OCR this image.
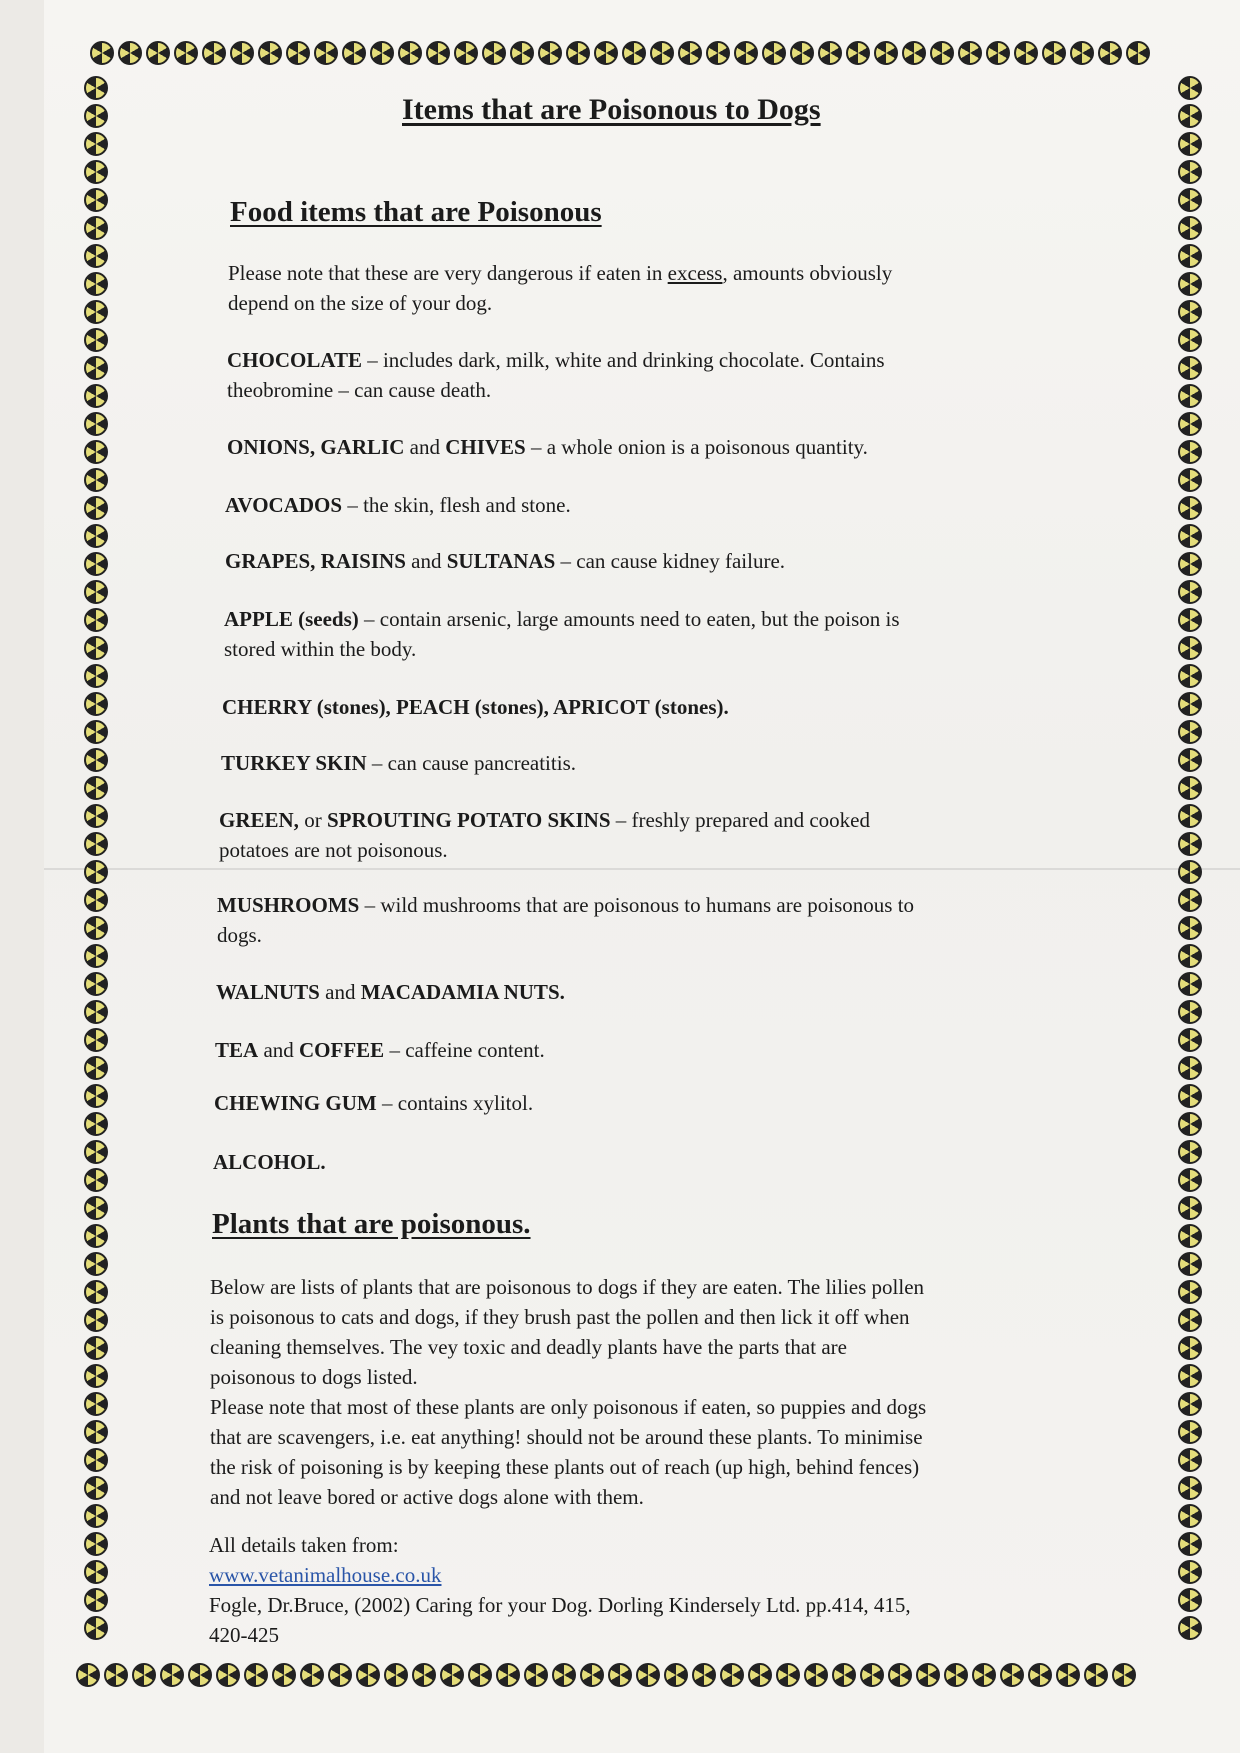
Items that are Poisonous to Dogs
Food items that are Poisonous

Please note that these are very dangerous if eaten in excess, amounts obviously
depend on the size of your dog.

CHOCOLATE – includes dark, milk, white and drinking chocolate. Contains
theobromine – can cause death.

ONIONS, GARLIC and CHIVES – a whole onion is a poisonous quantity.

AVOCADOS – the skin, flesh and stone.

GRAPES, RAISINS and SULTANAS – can cause kidney failure.

APPLE (seeds) – contain arsenic, large amounts need to eaten, but the poison is
stored within the body.

CHERRY (stones), PEACH (stones), APRICOT (stones).

TURKEY SKIN – can cause pancreatitis.

GREEN, or SPROUTING POTATO SKINS – freshly prepared and cooked
potatoes are not poisonous.

MUSHROOMS – wild mushrooms that are poisonous to humans are poisonous to
dogs.

WALNUTS and MACADAMIA NUTS.

TEA and COFFEE – caffeine content.

CHEWING GUM – contains xylitol.

ALCOHOL.

Plants that are poisonous.

Below are lists of plants that are poisonous to dogs if they are eaten. The lilies pollen
is poisonous to cats and dogs, if they brush past the pollen and then lick it off when
cleaning themselves. The vey toxic and deadly plants have the parts that are
poisonous to dogs listed.
Please note that most of these plants are only poisonous if eaten, so puppies and dogs
that are scavengers, i.e. eat anything! should not be around these plants. To minimise
the risk of poisoning is by keeping these plants out of reach (up high, behind fences)
and not leave bored or active dogs alone with them.

All details taken from:
www.vetanimalhouse.co.uk
Fogle, Dr.Bruce, (2002) Caring for your Dog. Dorling Kindersely Ltd. pp.414, 415,
420-425
